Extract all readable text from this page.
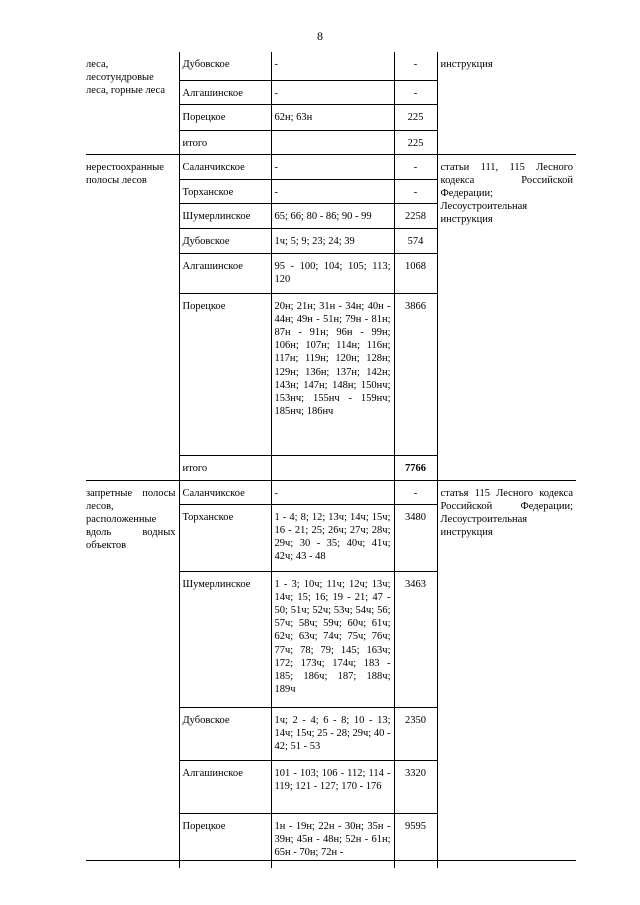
8
леса, лесотундровые леса, горные леса	Дубовское	-	-	инструкция
	Алгашинское	-	-	
	Порецкое	62н; 63н	225	
	итого		225	
нерестоохранные полосы лесов	Саланчикское	-	-	статьи 111, 115 Лесного кодекса Российской Федерации; Лесоустроительная инструкция
	Торханское	-	-	
	Шумерлинское	65; 66; 80 - 86; 90 - 99	2258	
	Дубовское	1ч; 5; 9; 23; 24; 39	574	
	Алгашинское	95 - 100; 104; 105; 113; 120	1068	
	Порецкое	20н; 21н; 31н - 34н; 40н - 44н; 49н - 51н; 79н - 81н; 87н - 91н; 96н - 99н; 106н; 107н; 114н; 116н; 117н; 119н; 120н; 128н; 129н; 136н; 137н; 142н; 143н; 147н; 148н; 150нч; 153нч; 155нч - 159нч; 185нч; 186нч	3866	
	итого		7766	
запретные полосы лесов, расположенные вдоль водных объектов	Саланчикское	-	-	статья 115 Лесного кодекса Российской Федерации; Лесоустроительная инструкция
	Торханское	1 - 4; 8; 12; 13ч; 14ч; 15ч; 16 - 21; 25; 26ч; 27ч; 28ч; 29ч; 30 - 35; 40ч; 41ч; 42ч; 43 - 48	3480	
	Шумерлинское	1 - 3; 10ч; 11ч; 12ч; 13ч; 14ч; 15; 16; 19 - 21; 47 - 50; 51ч; 52ч; 53ч; 54ч; 56; 57ч; 58ч; 59ч; 60ч; 61ч; 62ч; 63ч; 74ч; 75ч; 76ч; 77ч; 78; 79; 145; 163ч; 172; 173ч; 174ч; 183 - 185; 186ч; 187; 188ч; 189ч	3463	
	Дубовское	1ч; 2 - 4; 6 - 8; 10 - 13; 14ч; 15ч; 25 - 28; 29ч; 40 - 42; 51 - 53	2350	
	Алгашинское	101 - 103; 106 - 112; 114 - 119; 121 - 127; 170 - 176	3320	
	Порецкое	1н - 19н; 22н - 30н; 35н - 39н; 45н - 48н; 52н - 61н; 65н - 70н; 72н -	9595	
